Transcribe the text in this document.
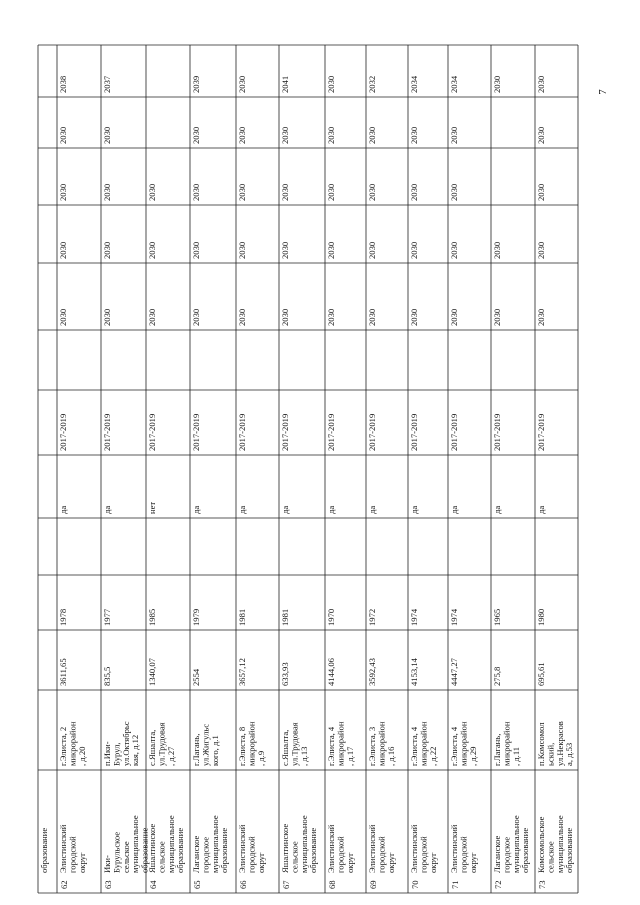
образование
62
Элистинский городской округ
г.Элиста, 2 микрорайон , д.20
3611,65
1978
да
2017-2019
2030
2030
2030
2030
2038
63
Ики- Бурульское сельское муниципальное образование
п.Ики- Бурул, ул.Октябрьс кая, д.12
835,5
1977
да
2017-2019
2030
2030
2030
2030
2037
64
Яшалтинское сельское муниципальное образование
с.Яшалта, ул.Трудовая , д.27
1340,07
1985
нет
2017-2019
2030
2030
2030
65
Лаганское городское муниципальное образование
г.Лагань, ул.Жигульс кого, д.1
2554
1979
да
2017-2019
2030
2030
2030
2030
2039
66
Элистинский городской округ
г.Элиста, 8 микрорайон , д.9
3657,12
1981
да
2017-2019
2030
2030
2030
2030
2030
67
Яшалтинское сельское муниципальное образование
с.Яшалта, ул.Трудовая , д.13
633,93
1981
да
2017-2019
2030
2030
2030
2030
2041
68
Элистинский городской округ
г.Элиста, 4 микрорайон , д.17
4144,06
1970
да
2017-2019
2030
2030
2030
2030
2030
69
Элистинский городской округ
г.Элиста, 3 микрорайон , д.16
3592,43
1972
да
2017-2019
2030
2030
2030
2030
2032
70
Элистинский городской округ
г.Элиста, 4 микрорайон , д.22
4153,14
1974
да
2017-2019
2030
2030
2030
2030
2034
71
Элистинский городской округ
г.Элиста, 4 микрорайон , д.29
4447,27
1974
да
2017-2019
2030
2030
2030
2030
2034
72
Лаганское городское муниципальное образование
г.Лагань, микрорайон , д.11
275,8
1965
да
2017-2019
2030
2030
2030
73
Комсомольское сельское муниципальное образование
п.Комсомол ьский, ул.Некрасов а, д.53
695,61
1980
да
2017-2019
2030
2030
2030
2030
2030	7
